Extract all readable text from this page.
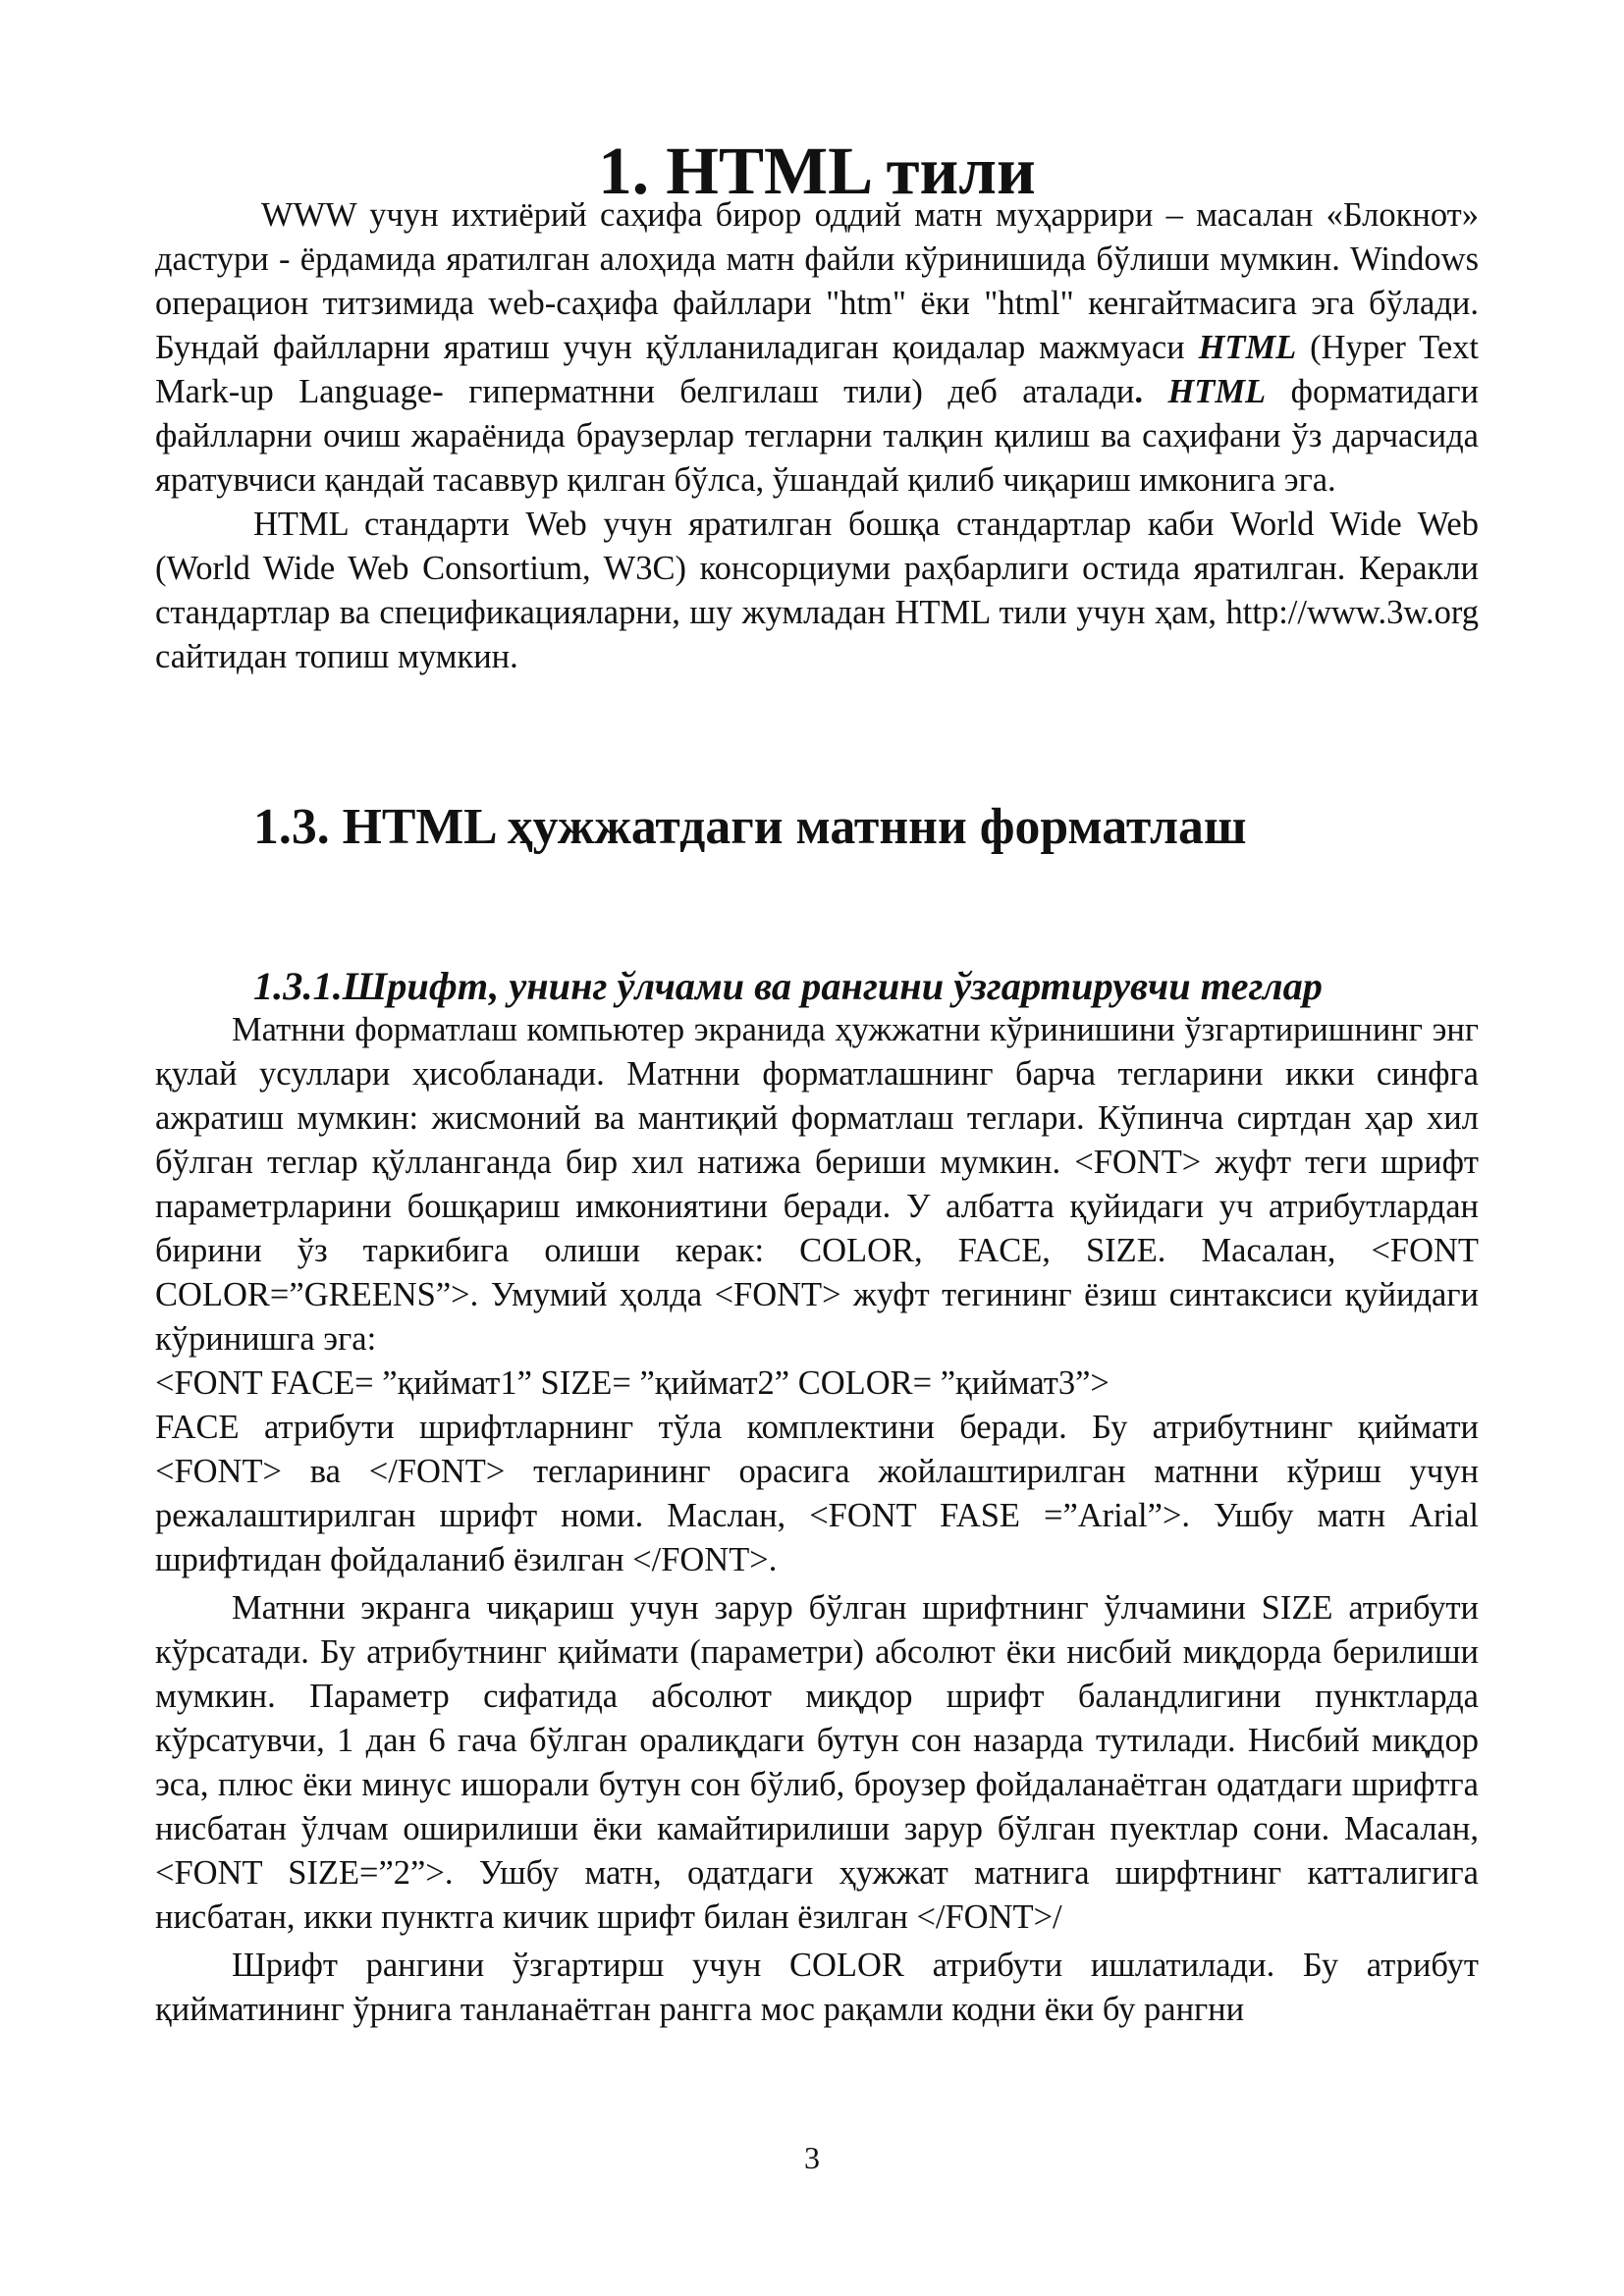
1. HTML тили

WWW учун ихтиёрий саҳифа бирор оддий матн муҳаррири – масалан «Блокнот» дастури - ёрдамида яратилган алоҳида матн файли кўринишида бўлиши мумкин. Windows операцион титзимида web-саҳифа файллари "htm" ёки "html" кенгайтмасига эга бўлади. Бундай файлларни яратиш учун қўлланиладиган қоидалар мажмуаси HTML (Hyper Text Mark-up Language- гиперматнни белгилаш тили) деб аталади. HTML форматидаги файлларни очиш жараёнида браузерлар тегларни талқин қилиш ва саҳифани ўз дарчасида яратувчиси қандай тасаввур қилган бўлса, ўшандай қилиб чиқариш имконига эга.

HTML стандарти Web учун яратилган бошқа стандартлар каби World Wide Web (World Wide Web Consortium, W3C) консорциуми раҳбарлиги остида яратилган. Керакли стандартлар ва спецификацияларни, шу жумладан HTML тили учун ҳам, http://www.3w.org сайтидан топиш мумкин.

1.3. HTML ҳужжатдаги матнни форматлаш
1.3.1.Шрифт, унинг ўлчами ва рангини ўзгартирувчи теглар

Матнни форматлаш компьютер экранида ҳужжатни кўринишини ўзгартиришнинг энг қулай усуллари ҳисобланади. Матнни форматлашнинг барча тегларини икки синфга ажратиш мумкин: жисмоний ва мантиқий форматлаш теглари. Кўпинча сиртдан ҳар хил бўлган теглар қўлланганда бир хил натижа бериши мумкин. <FONT> жуфт теги шрифт параметрларини бошқариш имкониятини беради. У албатта қуйидаги уч атрибутлардан бирини ўз таркибига олиши керак: COLOR, FACE, SIZE. Масалан, <FONT COLOR=”GREENS”>. Умумий ҳолда <FONT> жуфт тегининг ёзиш синтаксиси қуйидаги кўринишга эга:

<FONT FACE= ”қиймат1” SIZE= ”қиймат2” COLOR= ”қиймат3”>

FACE атрибути шрифтларнинг тўла комплектини беради. Бу атрибутнинг қиймати <FONT> ва </FONT> тегларининг орасига жойлаштирилган матнни кўриш учун режалаштирилган шрифт номи. Маслан, <FONT FASE =”Arial”>. Ушбу матн Arial шрифтидан фойдаланиб ёзилган </FONT>.

Матнни экранга чиқариш учун зарур бўлган шрифтнинг ўлчамини SIZE атрибути кўрсатади. Бу атрибутнинг қиймати (параметри) абсолют ёки нисбий миқдорда берилиши мумкин. Параметр сифатида абсолют миқдор шрифт баландлигини пунктларда кўрсатувчи, 1 дан 6 гача бўлган оралиқдаги бутун сон назарда тутилади. Нисбий миқдор эса, плюс ёки минус ишорали бутун сон бўлиб, броузер фойдаланаётган одатдаги шрифтга нисбатан ўлчам оширилиши ёки камайтирилиши зарур бўлган пуектлар сони. Масалан, <FONT SIZE=”2”>. Ушбу матн, одатдаги ҳужжат матнига ширфтнинг катталигига нисбатан, икки пунктга кичик шрифт билан ёзилган </FONT>/

Шрифт рангини ўзгартирш учун COLOR атрибути ишлатилади. Бу атрибут қийматининг ўрнига танланаётган рангга мос рақамли кодни ёки бу рангни

3
